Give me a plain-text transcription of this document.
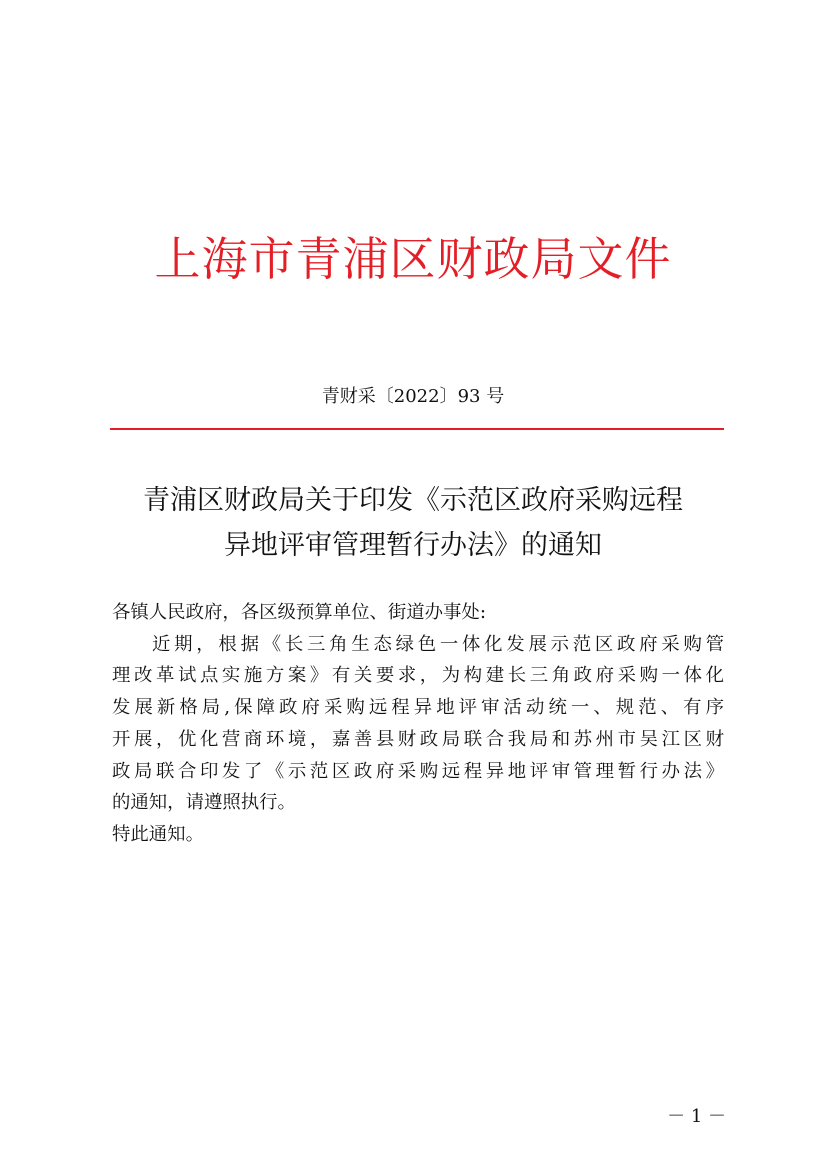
上海市青浦区财政局文件
青财采〔2022〕93 号
青浦区财政局关于印发《示范区政府采购远程
异地评审管理暂行办法》的通知

各镇人民政府，各区级预算单位、街道办事处:

近期，根据《长三角生态绿色一体化发展示范区政府采购管
理改革试点实施方案》有关要求，为构建长三角政府采购一体化
发展新格局,保障政府采购远程异地评审活动统一、规范、有序
开展，优化营商环境，嘉善县财政局联合我局和苏州市吴江区财
政局联合印发了《示范区政府采购远程异地评审管理暂行办法》
的通知，请遵照执行。

特此通知。

－ 1 －
